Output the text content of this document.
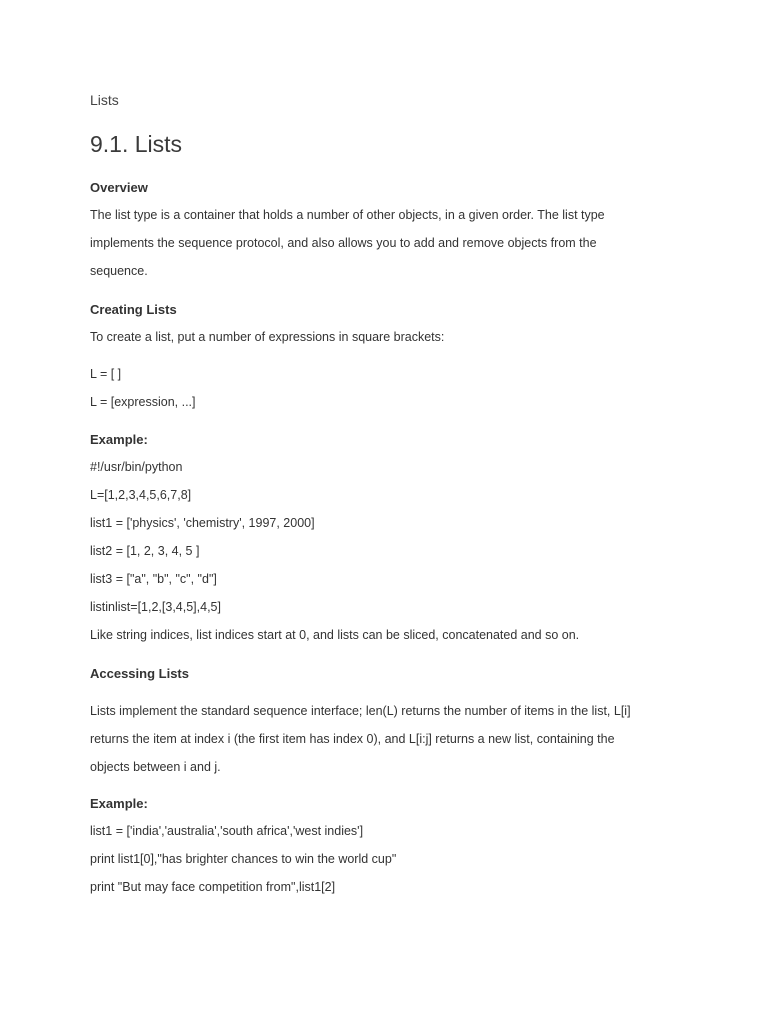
Lists
9.1. Lists
Overview
The list type is a container that holds a number of other objects, in a given order. The list type
implements the sequence protocol, and also allows you to add and remove objects from the
sequence.
Creating Lists
To create a list, put a number of expressions in square brackets:
L = [ ]
L = [expression, ...]
Example:
#!/usr/bin/python
L=[1,2,3,4,5,6,7,8]
list1 = ['physics', 'chemistry', 1997, 2000]
list2 = [1, 2, 3, 4, 5 ]
list3 = ["a", "b", "c", "d"]
listinlist=[1,2,[3,4,5],4,5]
Like string indices, list indices start at 0, and lists can be sliced, concatenated and so on.
Accessing Lists
Lists implement the standard sequence interface; len(L) returns the number of items in the list, L[i]
returns the item at index i (the first item has index 0), and L[i:j] returns a new list, containing the
objects between i and j.
Example:
list1 = ['india','australia','south africa','west indies']
print list1[0],"has brighter chances to win the world cup"
print "But may face competition from",list1[2]
